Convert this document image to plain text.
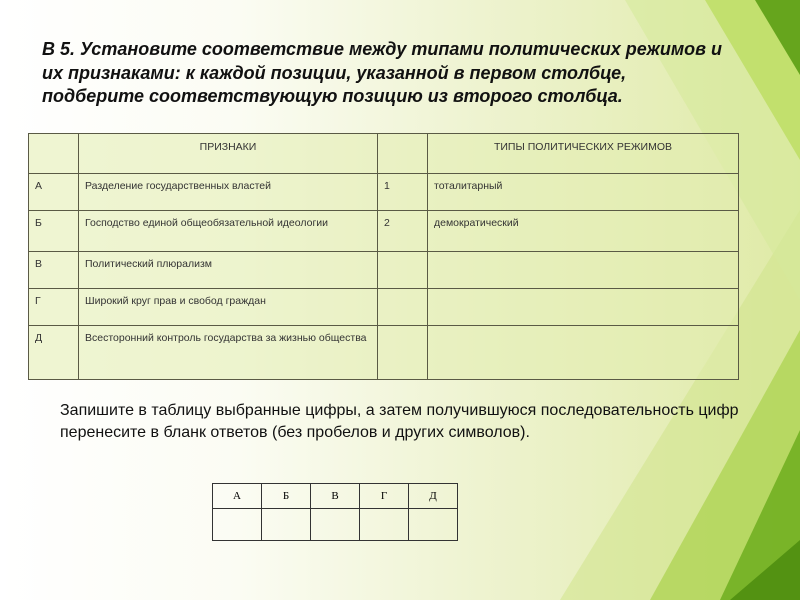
В 5. Установите соответствие между типами политических режимов и их признаками: к каждой позиции, указанной в первом столбце, подберите соответствующую позицию из второго столбца.

	ПРИЗНАКИ		ТИПЫ ПОЛИТИЧЕСКИХ РЕЖИМОВ
А	Разделение государственных властей	1	тоталитарный
Б	Господство единой общеобязательной идеологии	2	демократический
В	Политический плюрализм		
Г	Широкий круг прав и свобод граждан		
Д	Всесторонний контроль государства за жизнью общества		

Запишите в таблицу выбранные цифры, а затем получившуюся последовательность цифр перенесите в бланк ответов (без пробелов и других символов).

А	Б	В	Г	Д
